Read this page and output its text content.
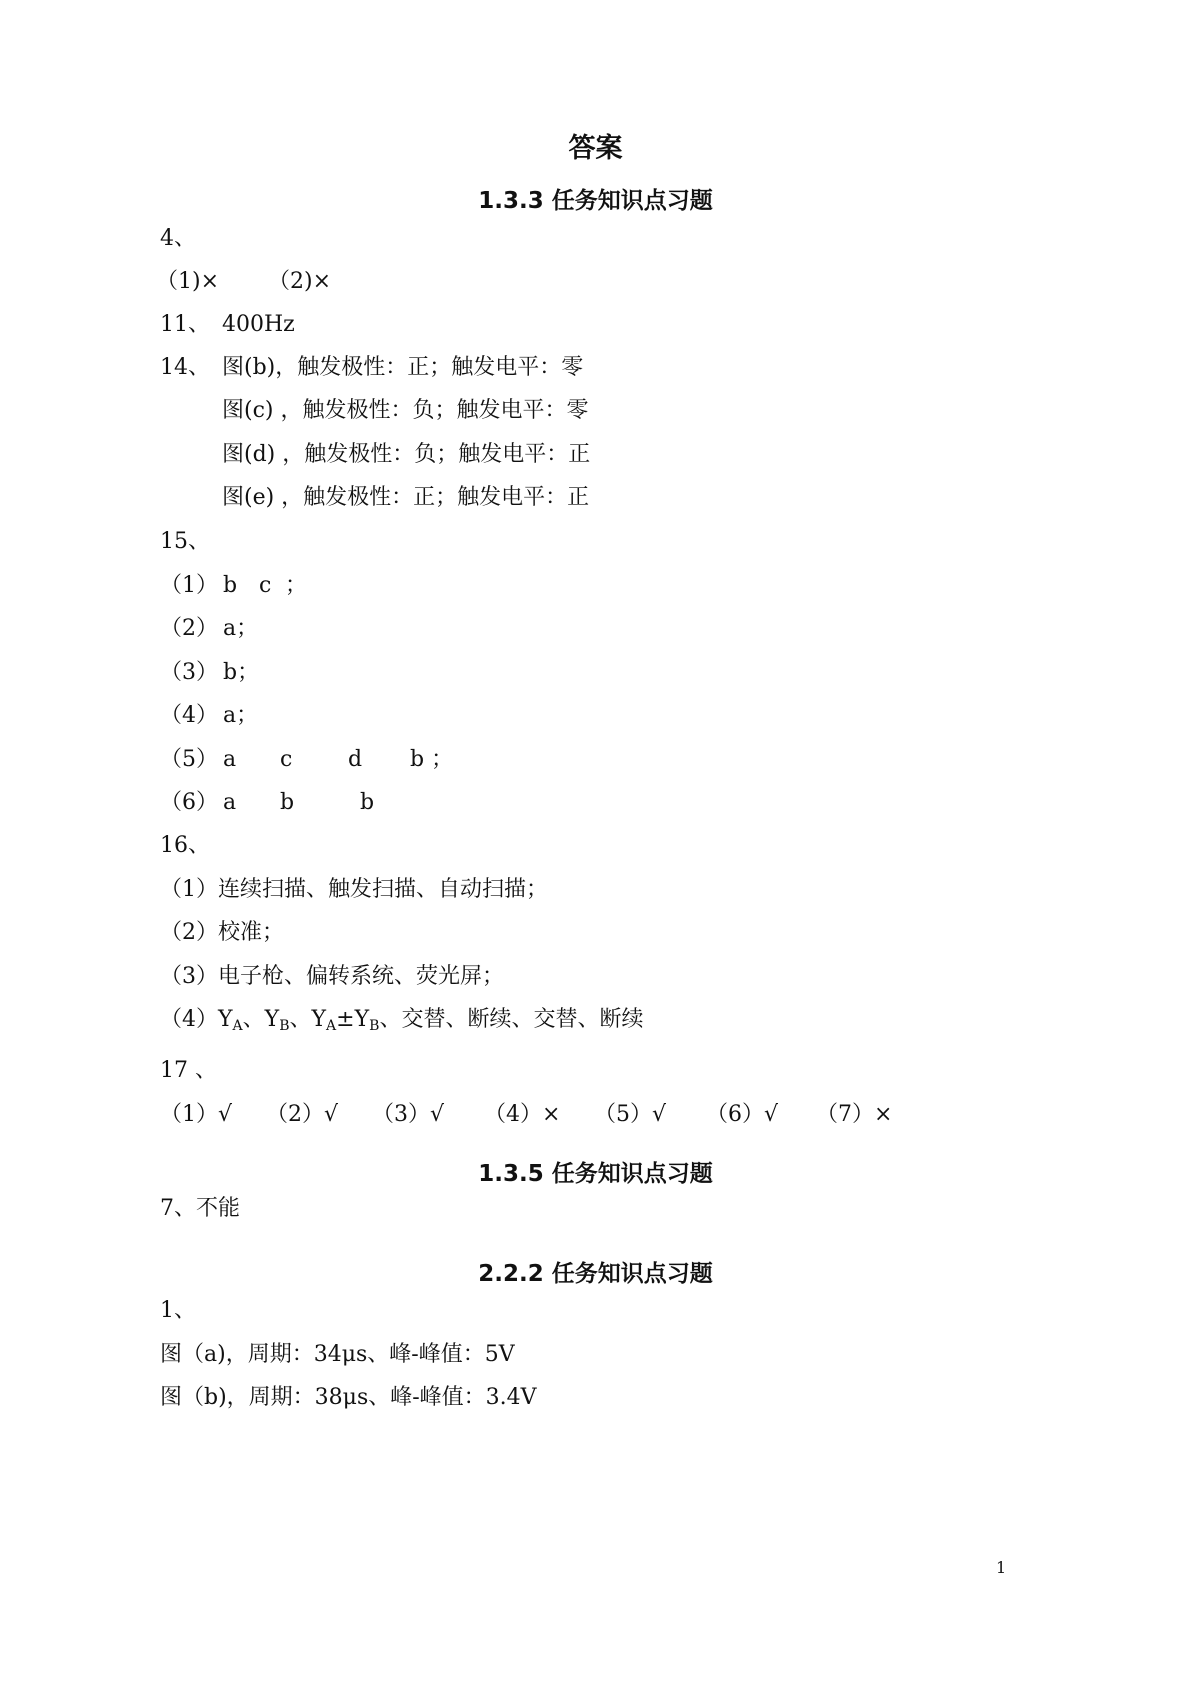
答案
1.3.3 任务知识点习题
4、
（1)× （2)×
11、 400Hz
14、 图(b)，触发极性：正；触发电平：零
图(c) ，触发极性：负；触发电平：零
图(d) ，触发极性：负；触发电平：正
图(e) ，触发极性：正；触发电平：正
15、
（1） b c ；
（2） a；
（3） b；
（4） a；
（5） a c	d b ；
（6） a b	b
16、
（1）连续扫描、触发扫描、自动扫描；
（2）校准；
（3）电子枪、偏转系统、荧光屏；
$(4)Y_A$、$Y_B$、$Y_A\pm Y_B$、交替、断续、交替、断续
17 、
（1）√ （2）√ （3）√ （4）× （5）√ （6）√ （7）×
1.3.5 任务知识点习题
7、不能
2.2.2 任务知识点习题
1、
图（a)，周期：34μs、峰-峰值：5V
图（b)，周期：38μs、峰-峰值：3.4V
1
